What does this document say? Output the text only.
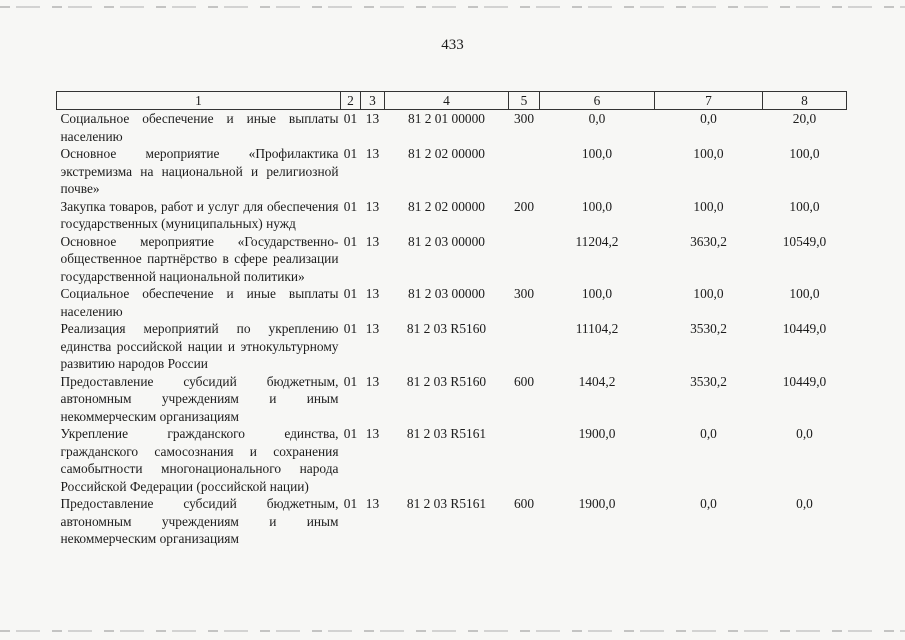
433
1	2	3	4	5	6	7	8
Социальное обеспечение и иные выплаты населению	01	13	81 2 01 00000	300	0,0	0,0	20,0
Основное мероприятие «Профилактика экстремизма на национальной и религиозной почве»	01	13	81 2 02 00000		100,0	100,0	100,0
Закупка товаров, работ и услуг для обеспечения государственных (муниципальных) нужд	01	13	81 2 02 00000	200	100,0	100,0	100,0
Основное мероприятие «Государственно-общественное партнёрство в сфере реализации государственной национальной политики»	01	13	81 2 03 00000		11204,2	3630,2	10549,0
Социальное обеспечение и иные выплаты населению	01	13	81 2 03 00000	300	100,0	100,0	100,0
Реализация мероприятий по укреплению единства российской нации и этнокультурному развитию народов России	01	13	81 2 03 R5160		11104,2	3530,2	10449,0
Предоставление субсидий бюджетным, автономным учреждениям и иным некоммерческим организациям	01	13	81 2 03 R5160	600	1404,2	3530,2	10449,0
Укрепление гражданского единства, гражданского самосознания и сохранения самобытности многонационального народа Российской Федерации (российской нации)	01	13	81 2 03 R5161		1900,0	0,0	0,0
Предоставление субсидий бюджетным, автономным учреждениям и иным некоммерческим организациям	01	13	81 2 03 R5161	600	1900,0	0,0	0,0
